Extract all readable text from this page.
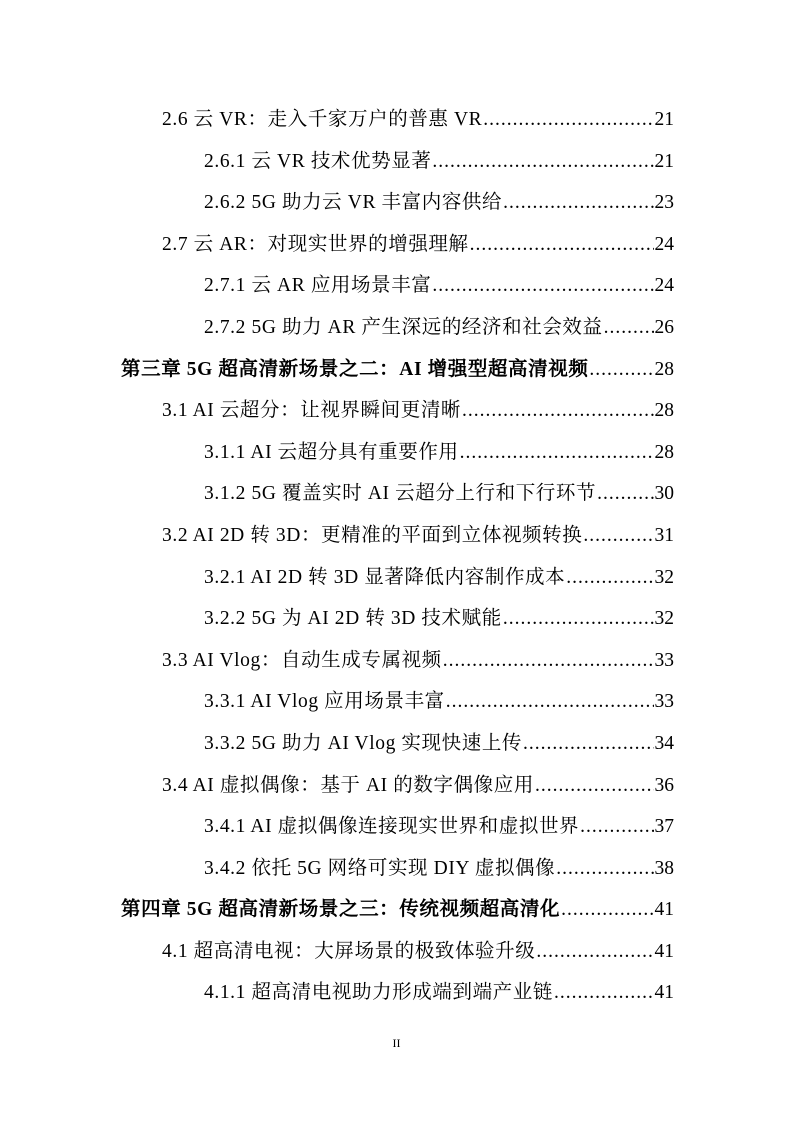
2.6 云 VR：走入千家万户的普惠 VR .....	21
2.6.1 云 VR 技术优势显著 .....	21
2.6.2 5G 助力云 VR 丰富内容供给 .....	23
2.7 云 AR：对现实世界的增强理解 .....	24
2.7.1 云 AR 应用场景丰富 .....	24
2.7.2 5G 助力 AR 产生深远的经济和社会效益 .....	26
第三章 5G 超高清新场景之二：AI 增强型超高清视频 .....	28
3.1 AI 云超分：让视界瞬间更清晰 .....	28
3.1.1 AI 云超分具有重要作用 .....	28
3.1.2 5G 覆盖实时 AI 云超分上行和下行环节 .....	30
3.2 AI 2D 转 3D：更精准的平面到立体视频转换 .....	31
3.2.1 AI 2D 转 3D 显著降低内容制作成本 .....	32
3.2.2 5G 为 AI 2D 转 3D 技术赋能 .....	32
3.3 AI Vlog：自动生成专属视频 .....	33
3.3.1 AI Vlog 应用场景丰富 .....	33
3.3.2 5G 助力 AI Vlog 实现快速上传 .....	34
3.4 AI 虚拟偶像：基于 AI 的数字偶像应用 .....	36
3.4.1 AI 虚拟偶像连接现实世界和虚拟世界 .....	37
3.4.2 依托 5G 网络可实现 DIY 虚拟偶像 .....	38
第四章 5G 超高清新场景之三：传统视频超高清化 .....	41
4.1 超高清电视：大屏场景的极致体验升级 .....	41
4.1.1 超高清电视助力形成端到端产业链 .....	41
II
